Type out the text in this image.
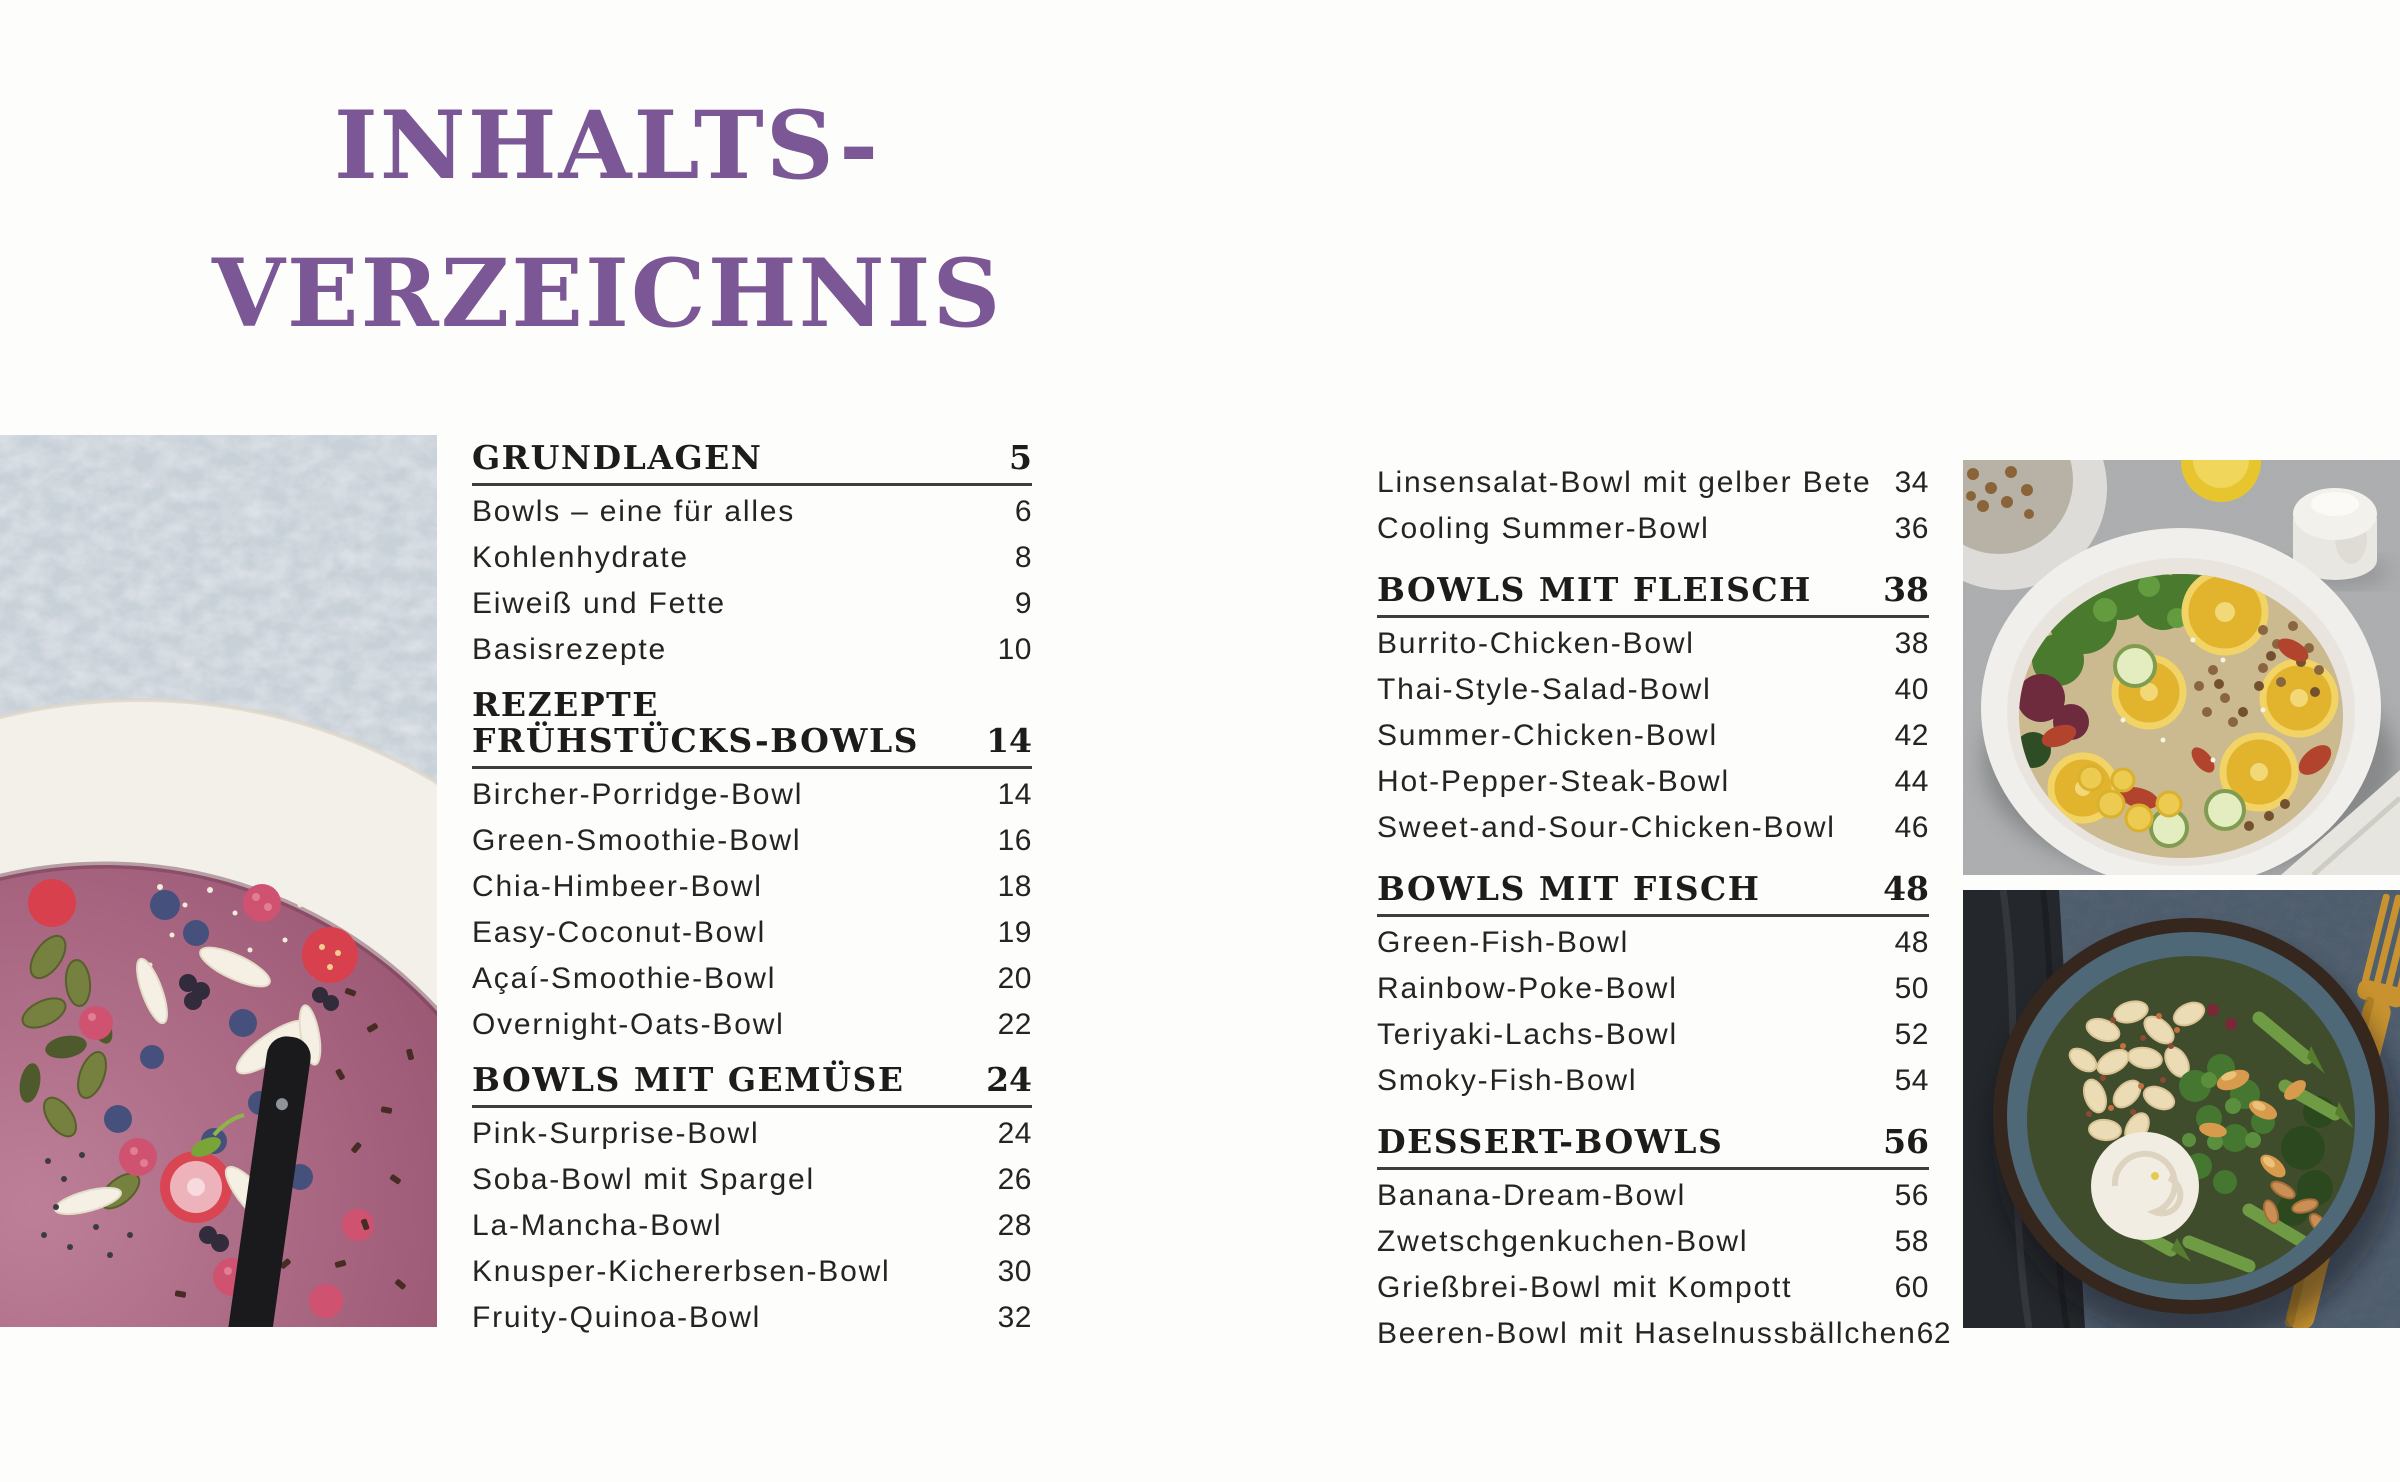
INHALTS-
VERZEICHNIS
GRUNDLAGEN	5
Bowls – eine für alles	6
Kohlenhydrate	8
Eiweiß und Fette	9
Basisrezepte	10
REZEPTE
FRÜHSTÜCKS-BOWLS 14
Bircher-Porridge-Bowl	14
Green-Smoothie-Bowl	16
Chia-Himbeer-Bowl	18
Easy-Coconut-Bowl	19
Açaí-Smoothie-Bowl	20
Overnight-Oats-Bowl	22
BOWLS MIT GEMÜSE 24
Pink-Surprise-Bowl	24
Soba-Bowl mit Spargel	26
La-Mancha-Bowl	28
Knusper-Kichererbsen-Bowl	30
Fruity-Quinoa-Bowl	32
Linsensalat-Bowl mit gelber Bete 34
Cooling Summer-Bowl	36
BOWLS MIT FLEISCH 38
Burrito-Chicken-Bowl	38
Thai-Style-Salad-Bowl	40
Summer-Chicken-Bowl	42
Hot-Pepper-Steak-Bowl	44
Sweet-and-Sour-Chicken-Bowl 46
BOWLS MIT FISCH	48
Green-Fish-Bowl	48
Rainbow-Poke-Bowl	50
Teriyaki-Lachs-Bowl	52
Smoky-Fish-Bowl	54
DESSERT-BOWLS	56
Banana-Dream-Bowl	56
Zwetschgenkuchen-Bowl	58
Grießbrei-Bowl mit Kompott	60
Beeren-Bowl mit Haselnussbällchen 62
